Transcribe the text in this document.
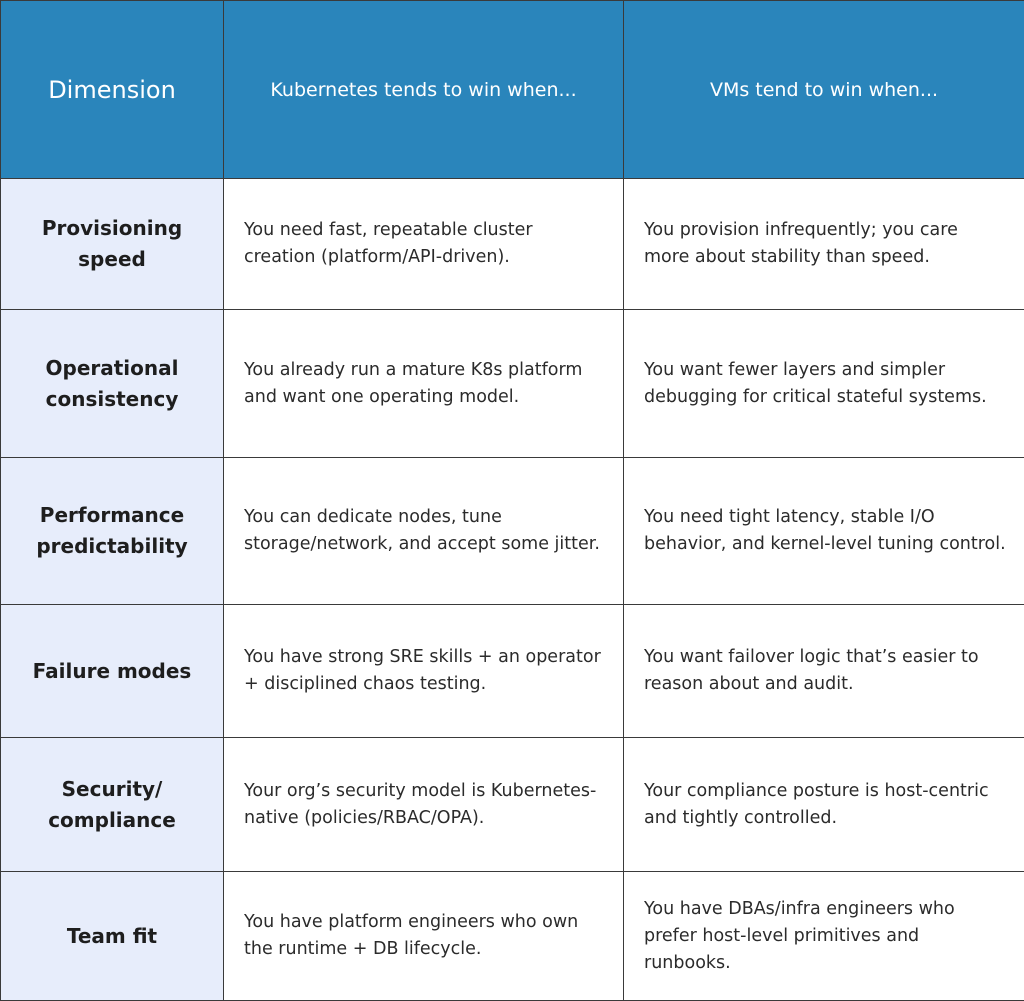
Dimension	Kubernetes tends to win when...	VMs tend to win when...
Provisioning speed	You need fast, repeatable cluster creation (platform/API-driven).	You provision infrequently; you care more about stability than speed.
Operational consistency	You already run a mature K8s platform and want one operating model.	You want fewer layers and simpler debugging for critical stateful systems.
Performance predictability	You can dedicate nodes, tune storage/network, and accept some jitter.	You need tight latency, stable I/O behavior, and kernel-level tuning control.
Failure modes	You have strong SRE skills + an operator + disciplined chaos testing.	You want failover logic that’s easier to reason about and audit.
Security/ compliance	Your org’s security model is Kubernetes-native (policies/RBAC/OPA).	Your compliance posture is host-centric and tightly controlled.
Team fit	You have platform engineers who own the runtime + DB lifecycle.	You have DBAs/infra engineers who prefer host-level primitives and runbooks.
